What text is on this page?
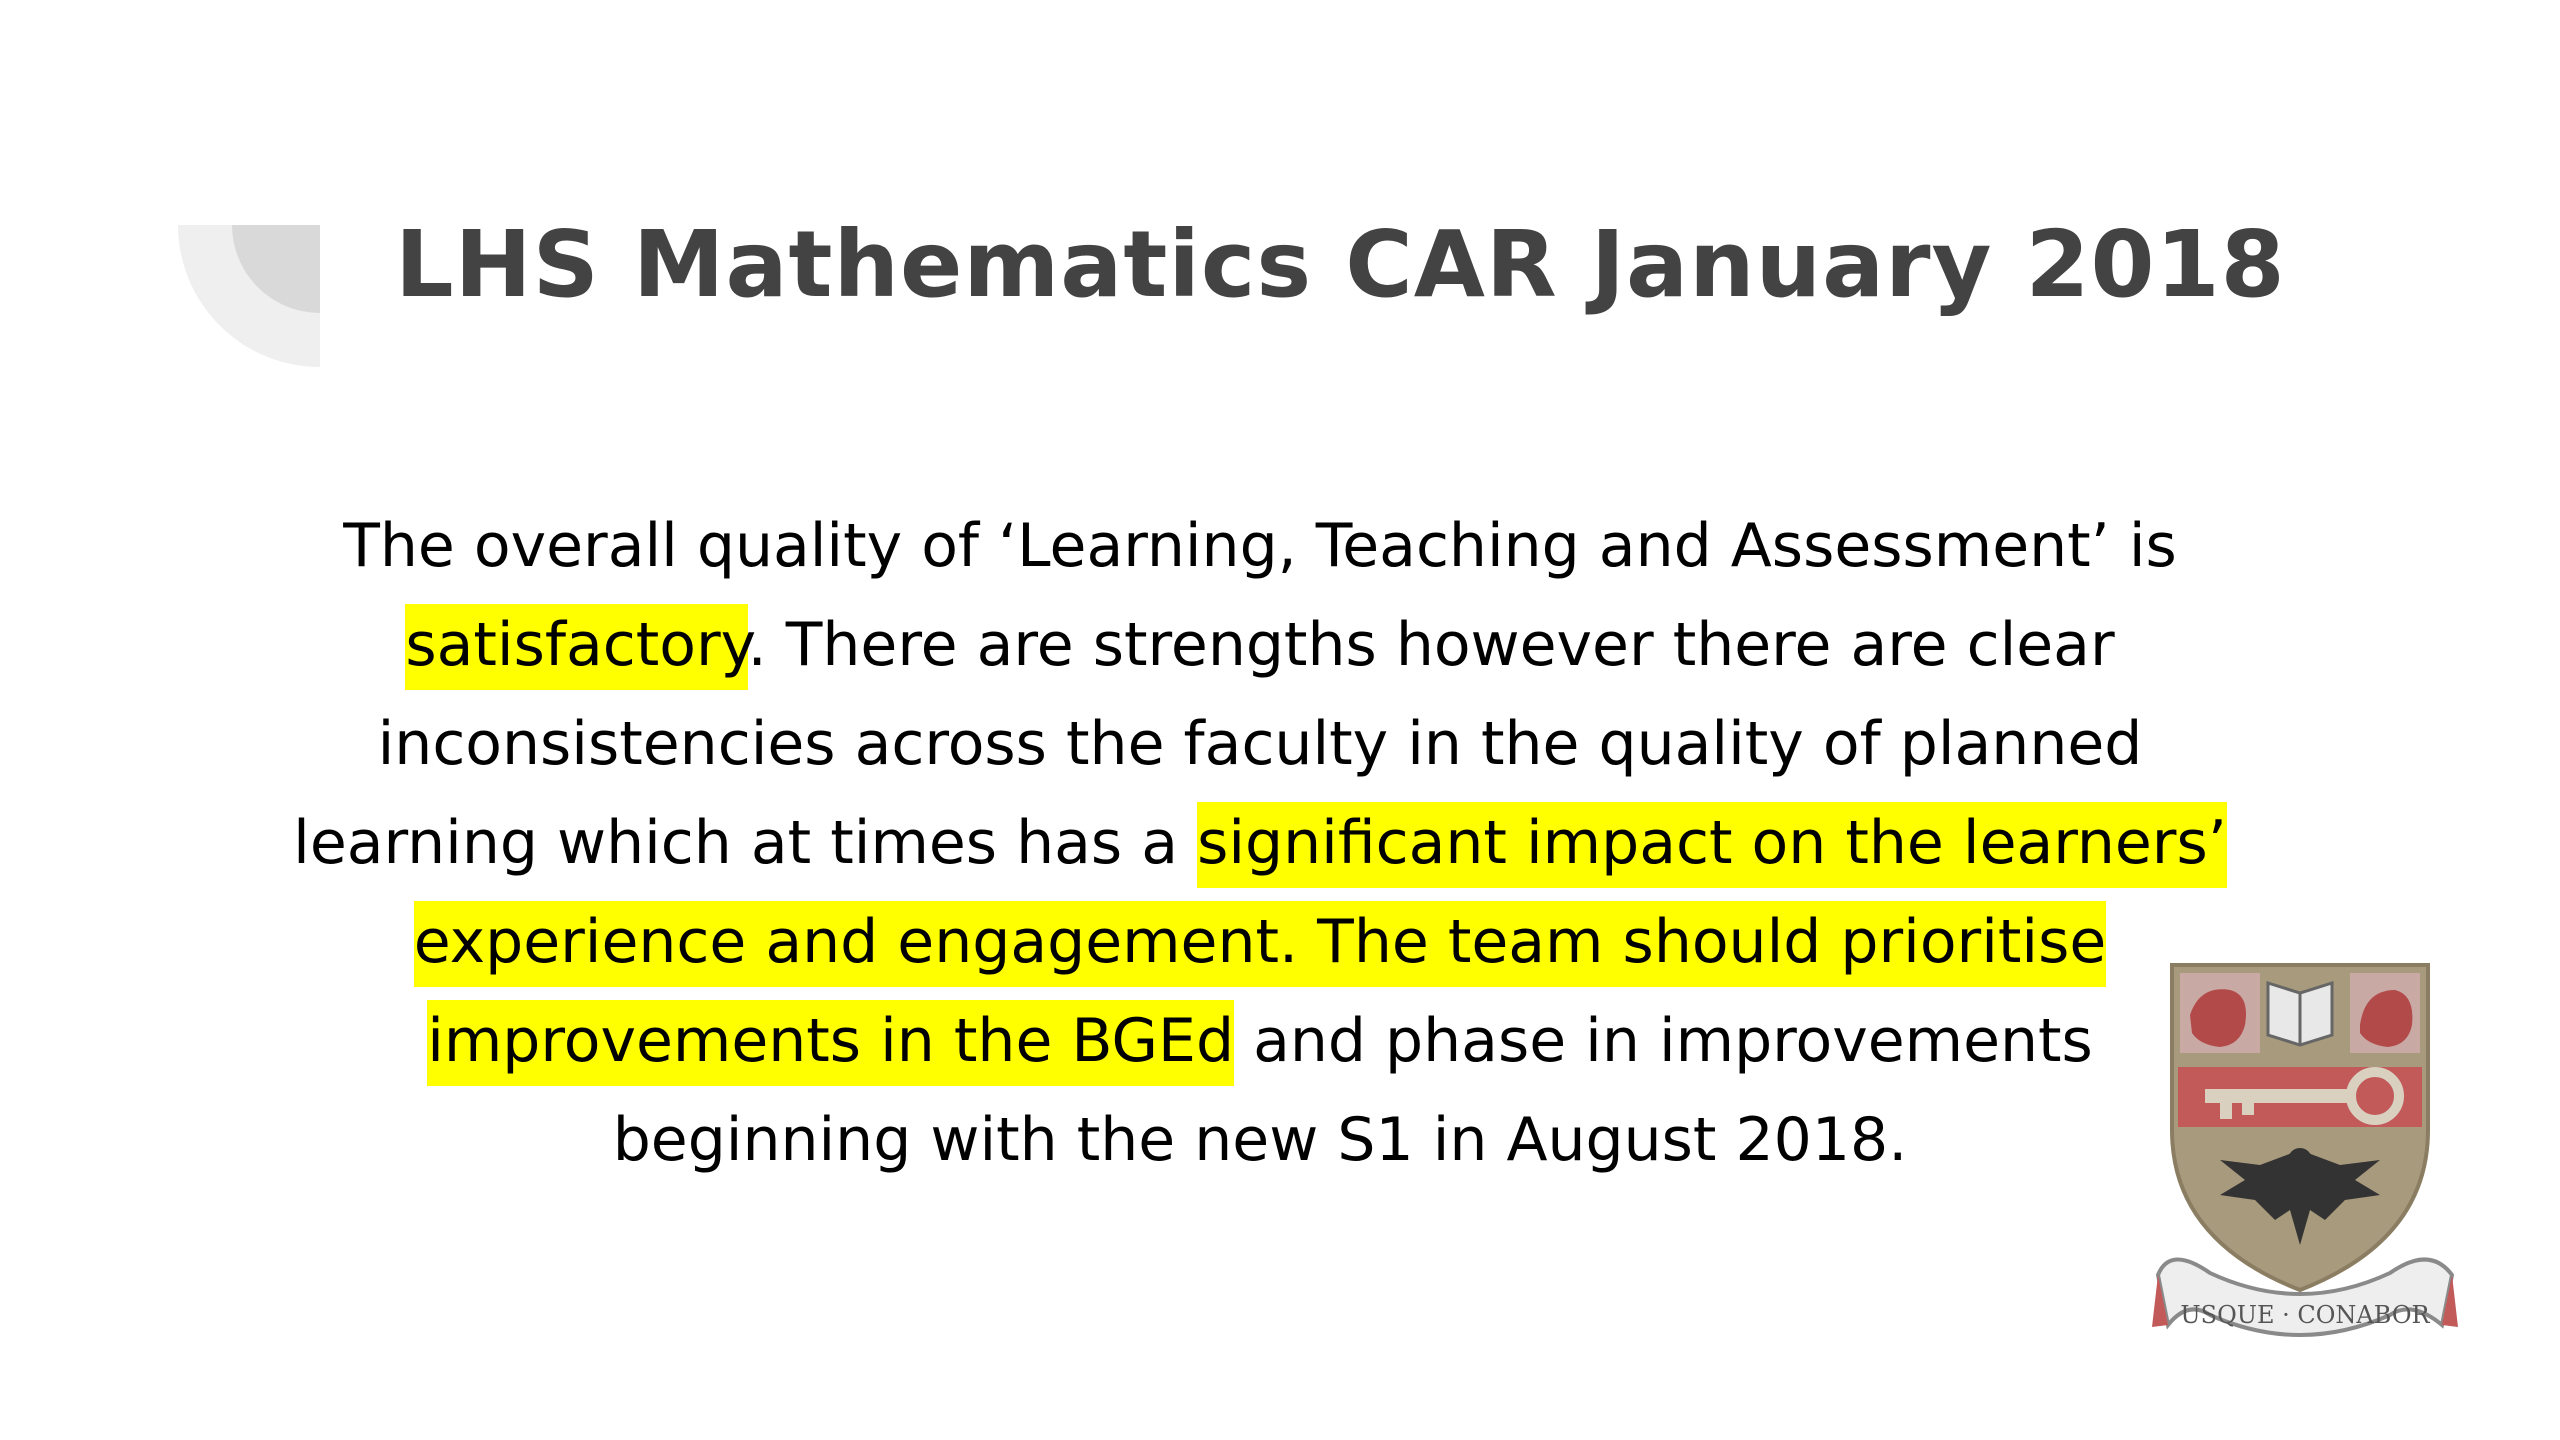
LHS Mathematics CAR January 2018
The overall quality of ‘Learning, Teaching and Assessment’ is
satisfactory. There are strengths however there are clear
inconsistencies across the faculty in the quality of planned
learning which at times has a significant impact on the learners’
experience and engagement. The team should prioritise
improvements in the BGEd and phase in improvements
beginning with the new S1 in August 2018.
USQUE · CONABOR
